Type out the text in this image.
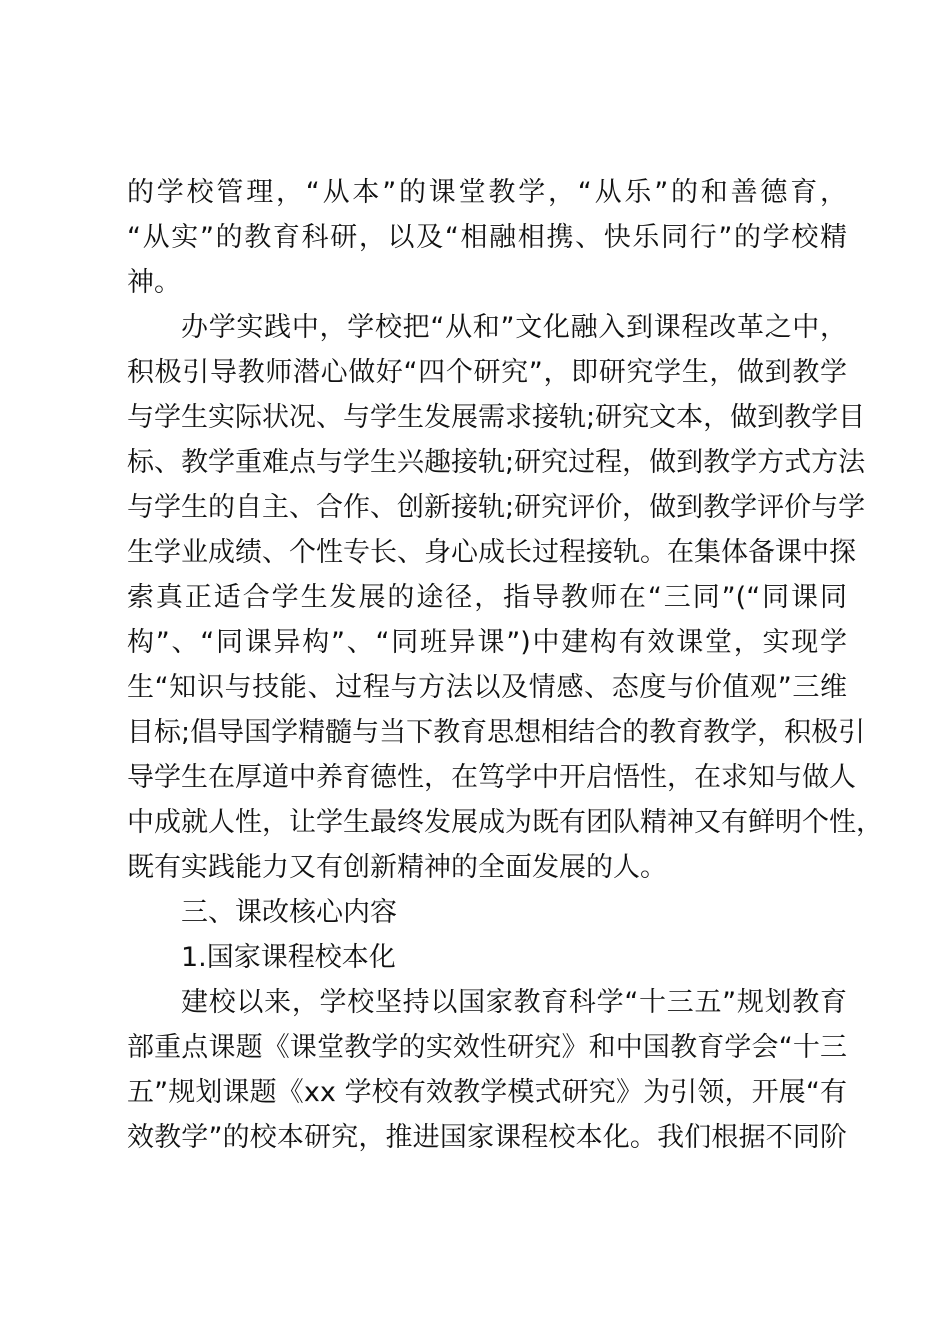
的学校管理，“从本”的课堂教学，“从乐”的和善德育，
“从实”的教育科研，以及“相融相携、快乐同行”的学校精
神。
办学实践中，学校把“从和”文化融入到课程改革之中，
积极引导教师潜心做好“四个研究”，即研究学生，做到教学
与学生实际状况、与学生发展需求接轨;研究文本，做到教学目
标、教学重难点与学生兴趣接轨;研究过程，做到教学方式方法
与学生的自主、合作、创新接轨;研究评价，做到教学评价与学
生学业成绩、个性专长、身心成长过程接轨。在集体备课中探
索真正适合学生发展的途径，指导教师在“三同”(“同课同
构”、“同课异构”、“同班异课”)中建构有效课堂，实现学
生“知识与技能、过程与方法以及情感、态度与价值观”三维
目标;倡导国学精髓与当下教育思想相结合的教育教学，积极引
导学生在厚道中养育德性，在笃学中开启悟性，在求知与做人
中成就人性，让学生最终发展成为既有团队精神又有鲜明个性，
既有实践能力又有创新精神的全面发展的人。
三、课改核心内容
1.国家课程校本化
建校以来，学校坚持以国家教育科学“十三五”规划教育
部重点课题《课堂教学的实效性研究》和中国教育学会“十三
五”规划课题《xx 学校有效教学模式研究》为引领，开展“有
效教学”的校本研究，推进国家课程校本化。我们根据不同阶
